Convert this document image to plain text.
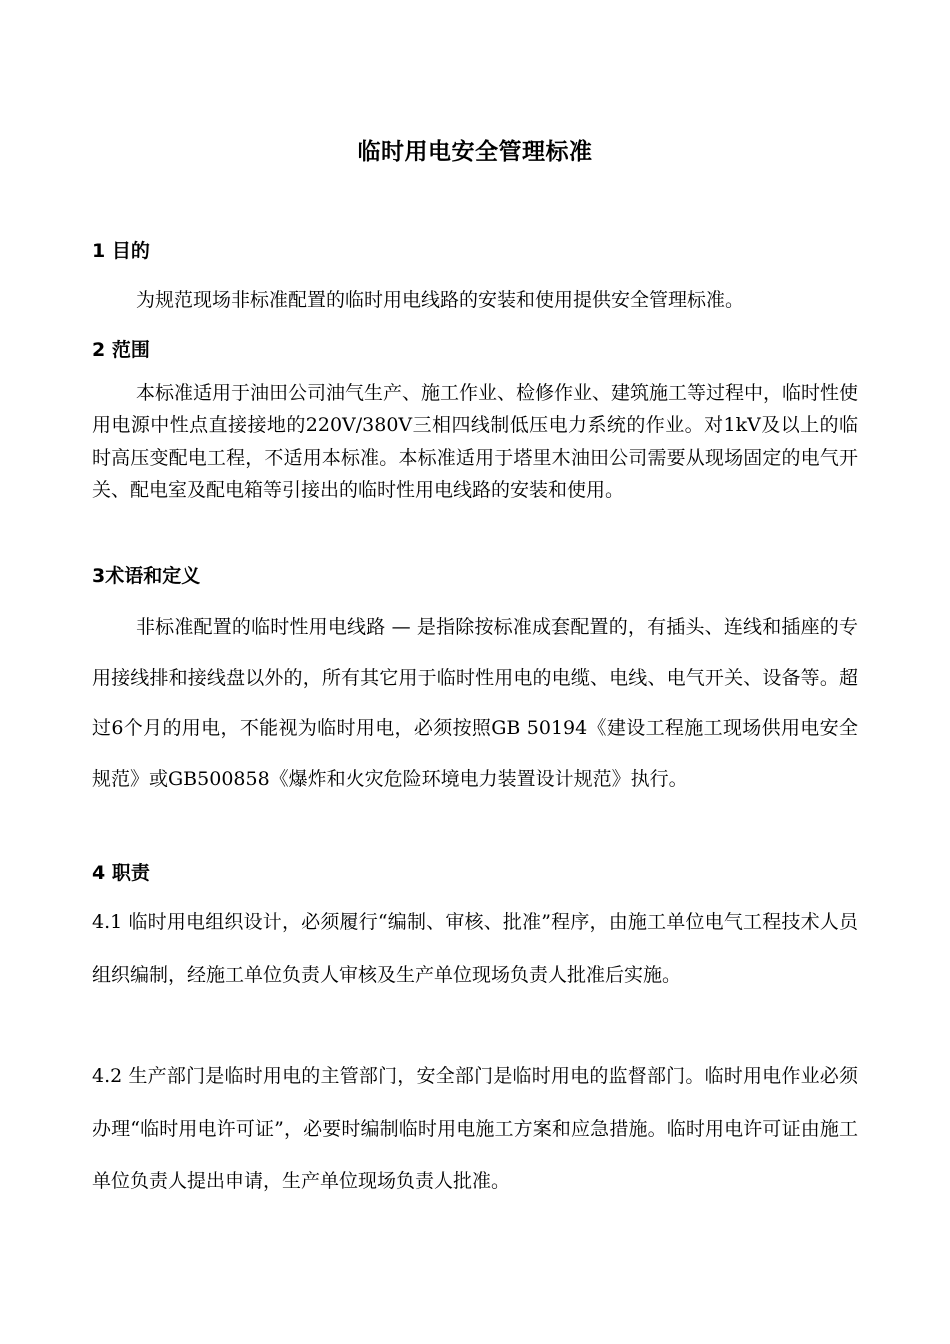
临时用电安全管理标准
1 目的
为规范现场非标准配置的临时用电线路的安装和使用提供安全管理标准。
2 范围
本标准适用于油田公司油气生产、施工作业、检修作业、建筑施工等过程中，临时性使用电源中性点直接接地的220V/380V三相四线制低压电力系统的作业。对1kV及以上的临时高压变配电工程，不适用本标准。本标准适用于塔里木油田公司需要从现场固定的电气开关、配电室及配电箱等引接出的临时性用电线路的安装和使用。
3术语和定义
非标准配置的临时性用电线路 — 是指除按标准成套配置的，有插头、连线和插座的专用接线排和接线盘以外的，所有其它用于临时性用电的电缆、电线、电气开关、设备等。超过6个月的用电，不能视为临时用电，必须按照GB 50194《建设工程施工现场供用电安全规范》或GB500858《爆炸和火灾危险环境电力装置设计规范》执行。
4 职责
4.1 临时用电组织设计，必须履行“编制、审核、批准”程序，由施工单位电气工程技术人员组织编制，经施工单位负责人审核及生产单位现场负责人批准后实施。
4.2 生产部门是临时用电的主管部门，安全部门是临时用电的监督部门。临时用电作业必须办理“临时用电许可证”，必要时编制临时用电施工方案和应急措施。临时用电许可证由施工单位负责人提出申请，生产单位现场负责人批准。
